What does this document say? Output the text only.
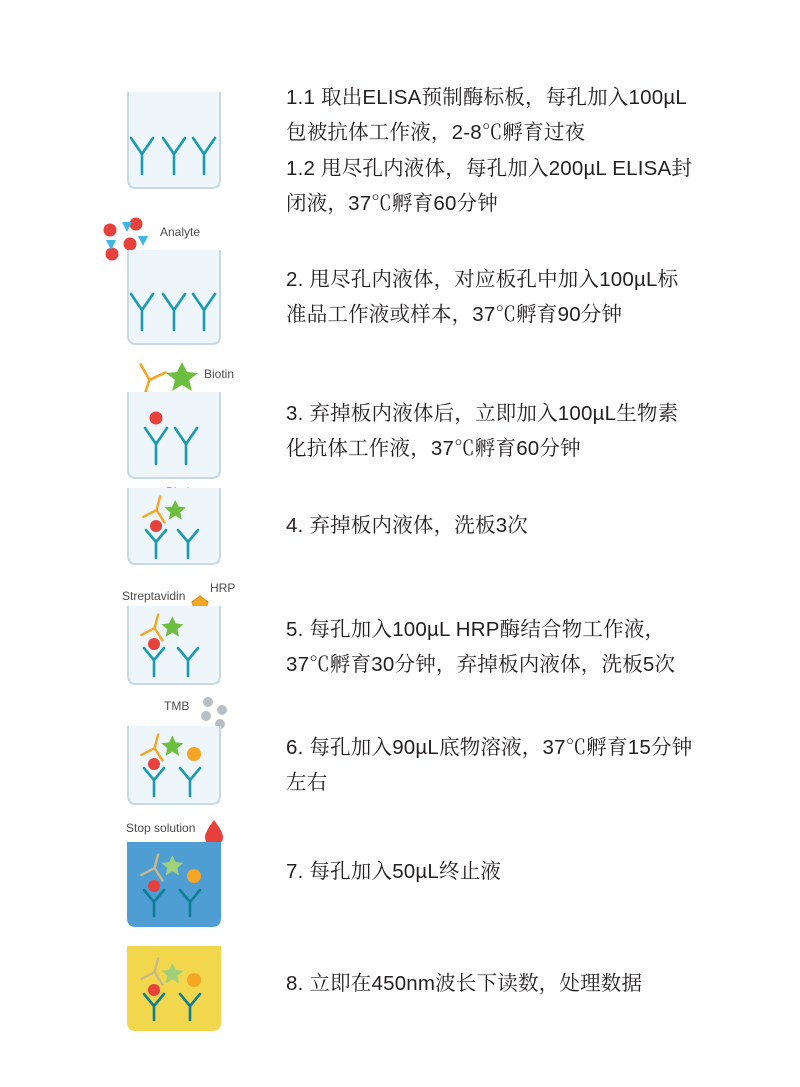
1.1 取出ELISA预制酶标板，每孔加入100µL
包被抗体工作液，2-8℃孵育过夜
1.2 甩尽孔内液体，每孔加入200µL ELISA封
闭液，37℃孵育60分钟
Analyte
2. 甩尽孔内液体，对应板孔中加入100µL标
准品工作液或样本，37℃孵育90分钟
Biotin
3. 弃掉板内液体后，立即加入100µL生物素
化抗体工作液，37℃孵育60分钟
4. 弃掉板内液体，洗板3次
Streptavidin
HRP
5. 每孔加入100µL HRP酶结合物工作液，
37℃孵育30分钟，弃掉板内液体，洗板5次
TMB
6. 每孔加入90µL底物溶液，37℃孵育15分钟
左右
Stop solution
7. 每孔加入50µL终止液
8. 立即在450nm波长下读数，处理数据
